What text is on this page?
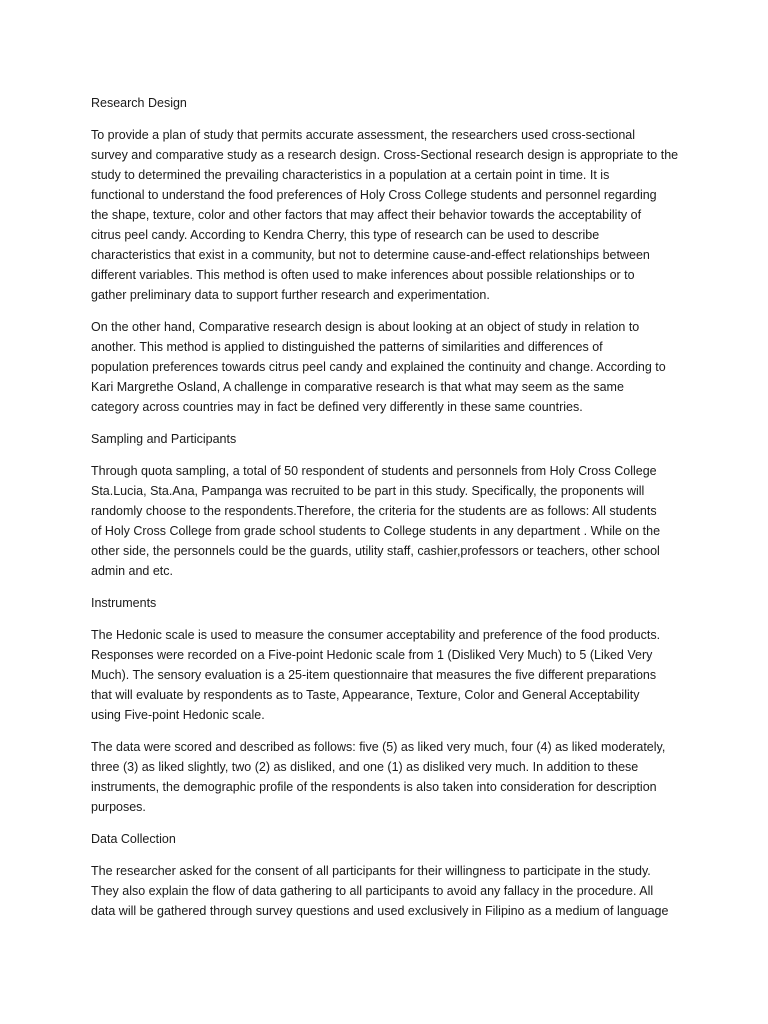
Research Design

To provide a plan of study that permits accurate assessment, the researchers used cross-sectional
survey and comparative study as a research design. Cross-Sectional research design is appropriate to the
study to determined the prevailing characteristics in a population at a certain point in time. It is
functional to understand the food preferences of Holy Cross College students and personnel regarding
the shape, texture, color and other factors that may affect their behavior towards the acceptability of
citrus peel candy. According to Kendra Cherry, this type of research can be used to describe
characteristics that exist in a community, but not to determine cause-and-effect relationships between
different variables. This method is often used to make inferences about possible relationships or to
gather preliminary data to support further research and experimentation.

On the other hand, Comparative research design is about looking at an object of study in relation to
another. This method is applied to distinguished the patterns of similarities and differences of
population preferences towards citrus peel candy and explained the continuity and change. According to
Kari Margrethe Osland, A challenge in comparative research is that what may seem as the same
category across countries may in fact be defined very differently in these same countries.

Sampling and Participants

Through quota sampling, a total of 50 respondent of students and personnels from Holy Cross College
Sta.Lucia, Sta.Ana, Pampanga was recruited to be part in this study. Specifically, the proponents will
randomly choose to the respondents.Therefore, the criteria for the students are as follows: All students
of Holy Cross College from grade school students to College students in any department . While on the
other side, the personnels could be the guards, utility staff, cashier,professors or teachers, other school
admin and etc.

Instruments

The Hedonic scale is used to measure the consumer acceptability and preference of the food products.
Responses were recorded on a Five-point Hedonic scale from 1 (Disliked Very Much) to 5 (Liked Very
Much). The sensory evaluation is a 25-item questionnaire that measures the five different preparations
that will evaluate by respondents as to Taste, Appearance, Texture, Color and General Acceptability
using Five-point Hedonic scale.

The data were scored and described as follows: five (5) as liked very much, four (4) as liked moderately,
three (3) as liked slightly, two (2) as disliked, and one (1) as disliked very much. In addition to these
instruments, the demographic profile of the respondents is also taken into consideration for description
purposes.

Data Collection

The researcher asked for the consent of all participants for their willingness to participate in the study.
They also explain the flow of data gathering to all participants to avoid any fallacy in the procedure. All
data will be gathered through survey questions and used exclusively in Filipino as a medium of language
